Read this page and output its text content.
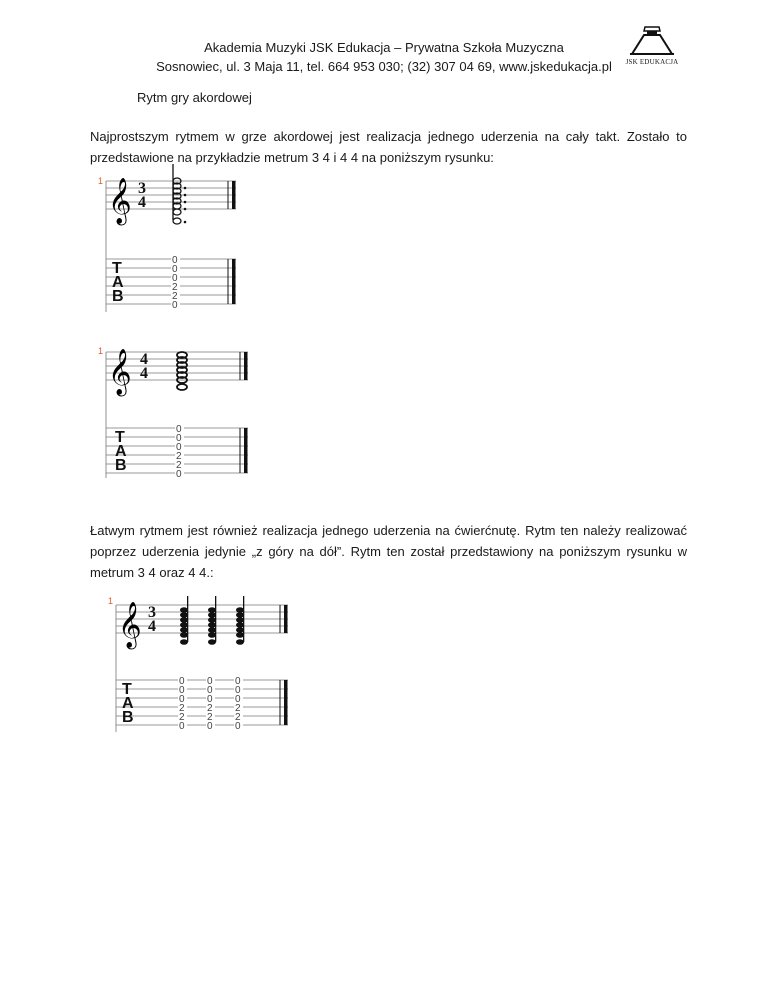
Akademia Muzyki JSK Edukacja – Prywatna Szkoła Muzyczna
Sosnowiec, ul. 3 Maja 11, tel. 664 953 030; (32) 307 04 69, www.jskedukacja.pl	JSK EDUKACJA
Rytm gry akordowej
Najprostszym rytmem w grze akordowej jest realizacja jednego uderzenia na cały takt. Zostało to przedstawione na przykładzie metrum 3 4 i 4 4 na poniższym rysunku:
1 𝄞 3
4
T
A
B
0
0
0
2
2
0
1 𝄞 4
4
T
A
B
0
0
0
2
2
0
Łatwym rytmem jest również realizacja jednego uderzenia na ćwierćnutę. Rytm ten należy realizować poprzez uderzenia jedynie „z góry na dół”. Rytm ten został przedstawiony na poniższym rysunku w metrum 3 4 oraz 4 4.:
1
𝄞 3
4
T
A
B
0
0
0
2
2
0
0
0
0
2
2
0
0
0
0
2
2
0
